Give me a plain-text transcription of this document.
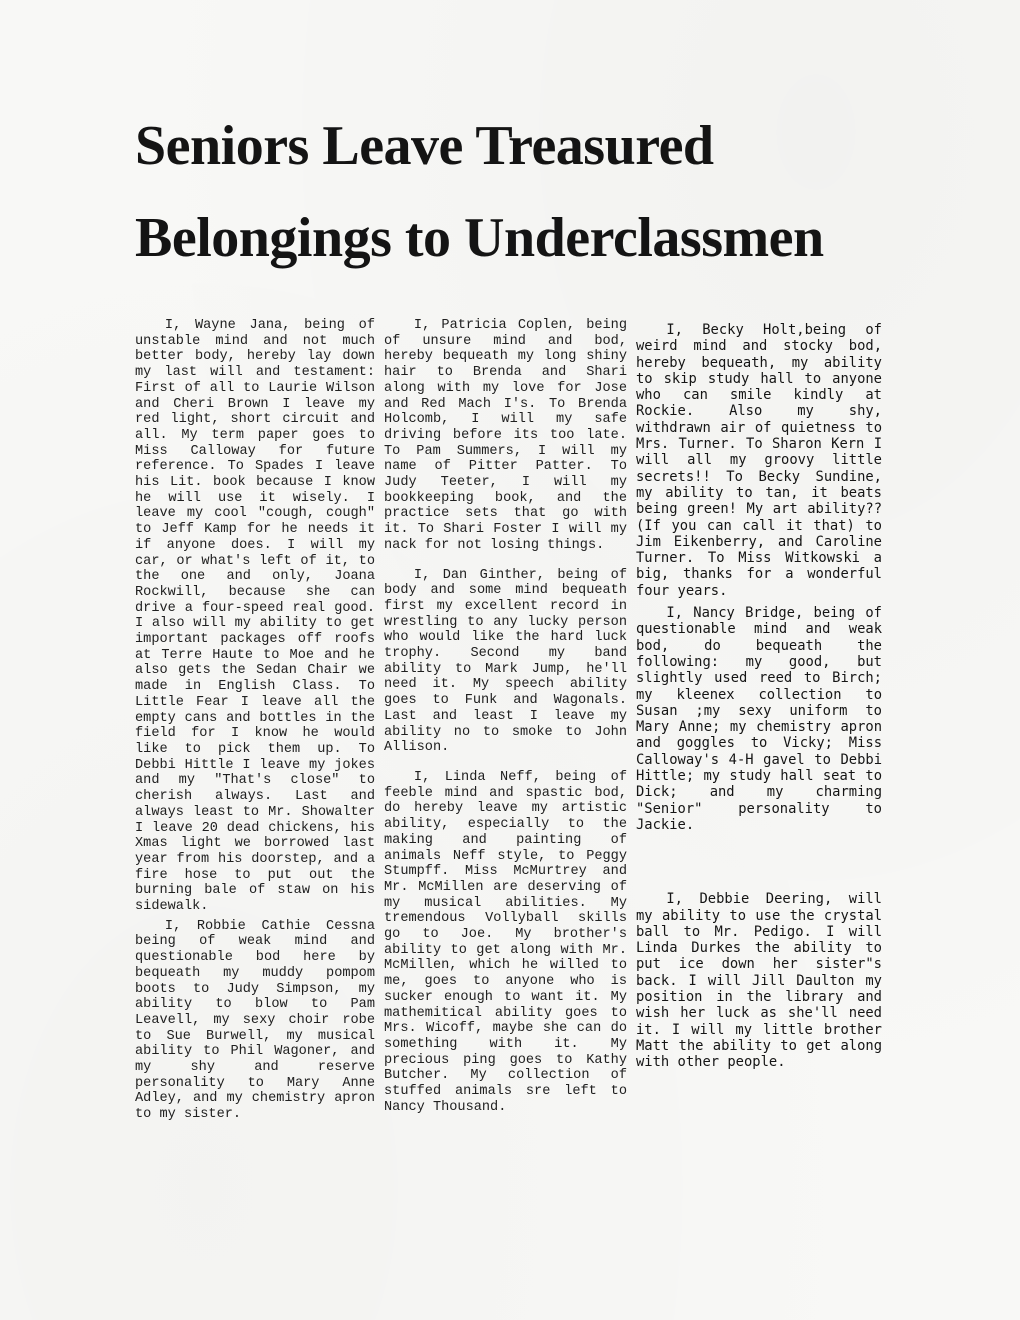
Seniors Leave Treasured
Belongings to Underclassmen

I, Wayne Jana, being of unstable mind and not much better body, hereby lay down my last will and testament: First of all to Laurie Wilson and Cheri Brown I leave my red light, short circuit and all. My term paper goes to Miss Calloway for future reference. To Spades I leave his Lit. book because I know he will use it wisely. I leave my cool "cough, cough" to Jeff Kamp for he needs it if anyone does. I will my car, or what's left of it, to the one and only, Joana Rockwill, because she can drive a four-speed real good. I also will my ability to get important packages off roofs at Terre Haute to Moe and he also gets the Sedan Chair we made in English Class. To Little Fear I leave all the empty cans and bottles in the field for I know he would like to pick them up. To Debbi Hittle I leave my jokes and my "That's close" to cherish always. Last and always least to Mr. Showalter I leave 20 dead chickens, his Xmas light we borrowed last year from his doorstep, and a fire hose to put out the burning bale of staw on his sidewalk.

I, Robbie Cathie Cessna being of weak mind and questionable bod here by bequeath my muddy pompom boots to Judy Simpson, my ability to blow to Pam Leavell, my sexy choir robe to Sue Burwell, my musical ability to Phil Wagoner, and my shy and reserve personality to Mary Anne Adley, and my chemistry apron to my sister.

I, Patricia Coplen, being of unsure mind and bod, hereby bequeath my long shiny hair to Brenda and Shari along with my love for Jose and Red Mach I's. To Brenda Holcomb, I will my safe driving before its too late. To Pam Summers, I will my name of Pitter Patter. To Judy Teeter, I will my bookkeeping book, and the practice sets that go with it. To Shari Foster I will my nack for not losing things.

I, Dan Ginther, being of body and some mind bequeath first my excellent record in wrestling to any lucky person who would like the hard luck trophy. Second my band ability to Mark Jump, he'll need it. My speech ability goes to Funk and Wagonals. Last and least I leave my ability no to smoke to John Allison.

I, Linda Neff, being of feeble mind and spastic bod, do hereby leave my artistic ability, especially to the making and painting of animals Neff style, to Peggy Stumpff. Miss McMurtrey and Mr. McMillen are deserving of my musical abilities. My tremendous Vollyball skills go to Joe. My brother's ability to get along with Mr. McMillen, which he willed to me, goes to anyone who is sucker enough to want it. My mathemitical ability goes to Mrs. Wicoff, maybe she can do something with it. My precious ping goes to Kathy Butcher. My collection of stuffed animals sre left to Nancy Thousand.

I, Becky Holt,being of weird mind and stocky bod, hereby bequeath, my ability to skip study hall to anyone who can smile kindly at Rockie. Also my shy, withdrawn air of quietness to Mrs. Turner. To Sharon Kern I will all my groovy little secrets!! To Becky Sundine, my ability to tan, it beats being green! My art ability?? (If you can call it that) to Jim Eikenberry, and Caroline Turner. To Miss Witkowski a big, thanks for a wonderful four years.

I, Nancy Bridge, being of questionable mind and weak bod, do bequeath the following: my good, but slightly used reed to Birch; my kleenex collection to Susan ;my sexy uniform to Mary Anne; my chemistry apron and goggles to Vicky; Miss Calloway's 4-H gavel to Debbi Hittle; my study hall seat to Dick; and my charming "Senior" personality to Jackie.

I, Debbie Deering, will my ability to use the crystal ball to Mr. Pedigo. I will Linda Durkes the ability to put ice down her sister"s back. I will Jill Daulton my position in the library and wish her luck as she'll need it. I will my little brother Matt the ability to get along with other people.
